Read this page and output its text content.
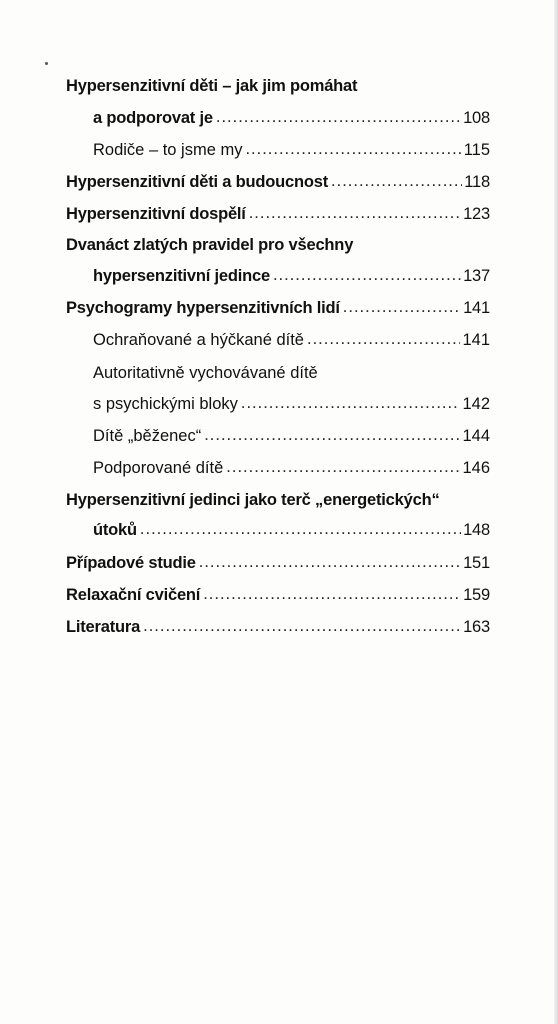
Hypersenzitivní děti – jak jim pomáhat
a podporovat je .....	108
Rodiče – to jsme my .....	115
Hypersenzitivní děti a budoucnost .....	118
Hypersenzitivní dospělí .....	123
Dvanáct zlatých pravidel pro všechny
hypersenzitivní jedince .....	137
Psychogramy hypersenzitivních lidí .....	141
Ochraňované a hýčkané dítě .....	141
Autoritativně vychovávané dítě
s psychickými bloky .....	142
Dítě „běženec“ .....	144
Podporované dítě .....	146
Hypersenzitivní jedinci jako terč „energetických“
útoků .....	148
Případové studie .....	151
Relaxační cvičení .....	159
Literatura .....	163
